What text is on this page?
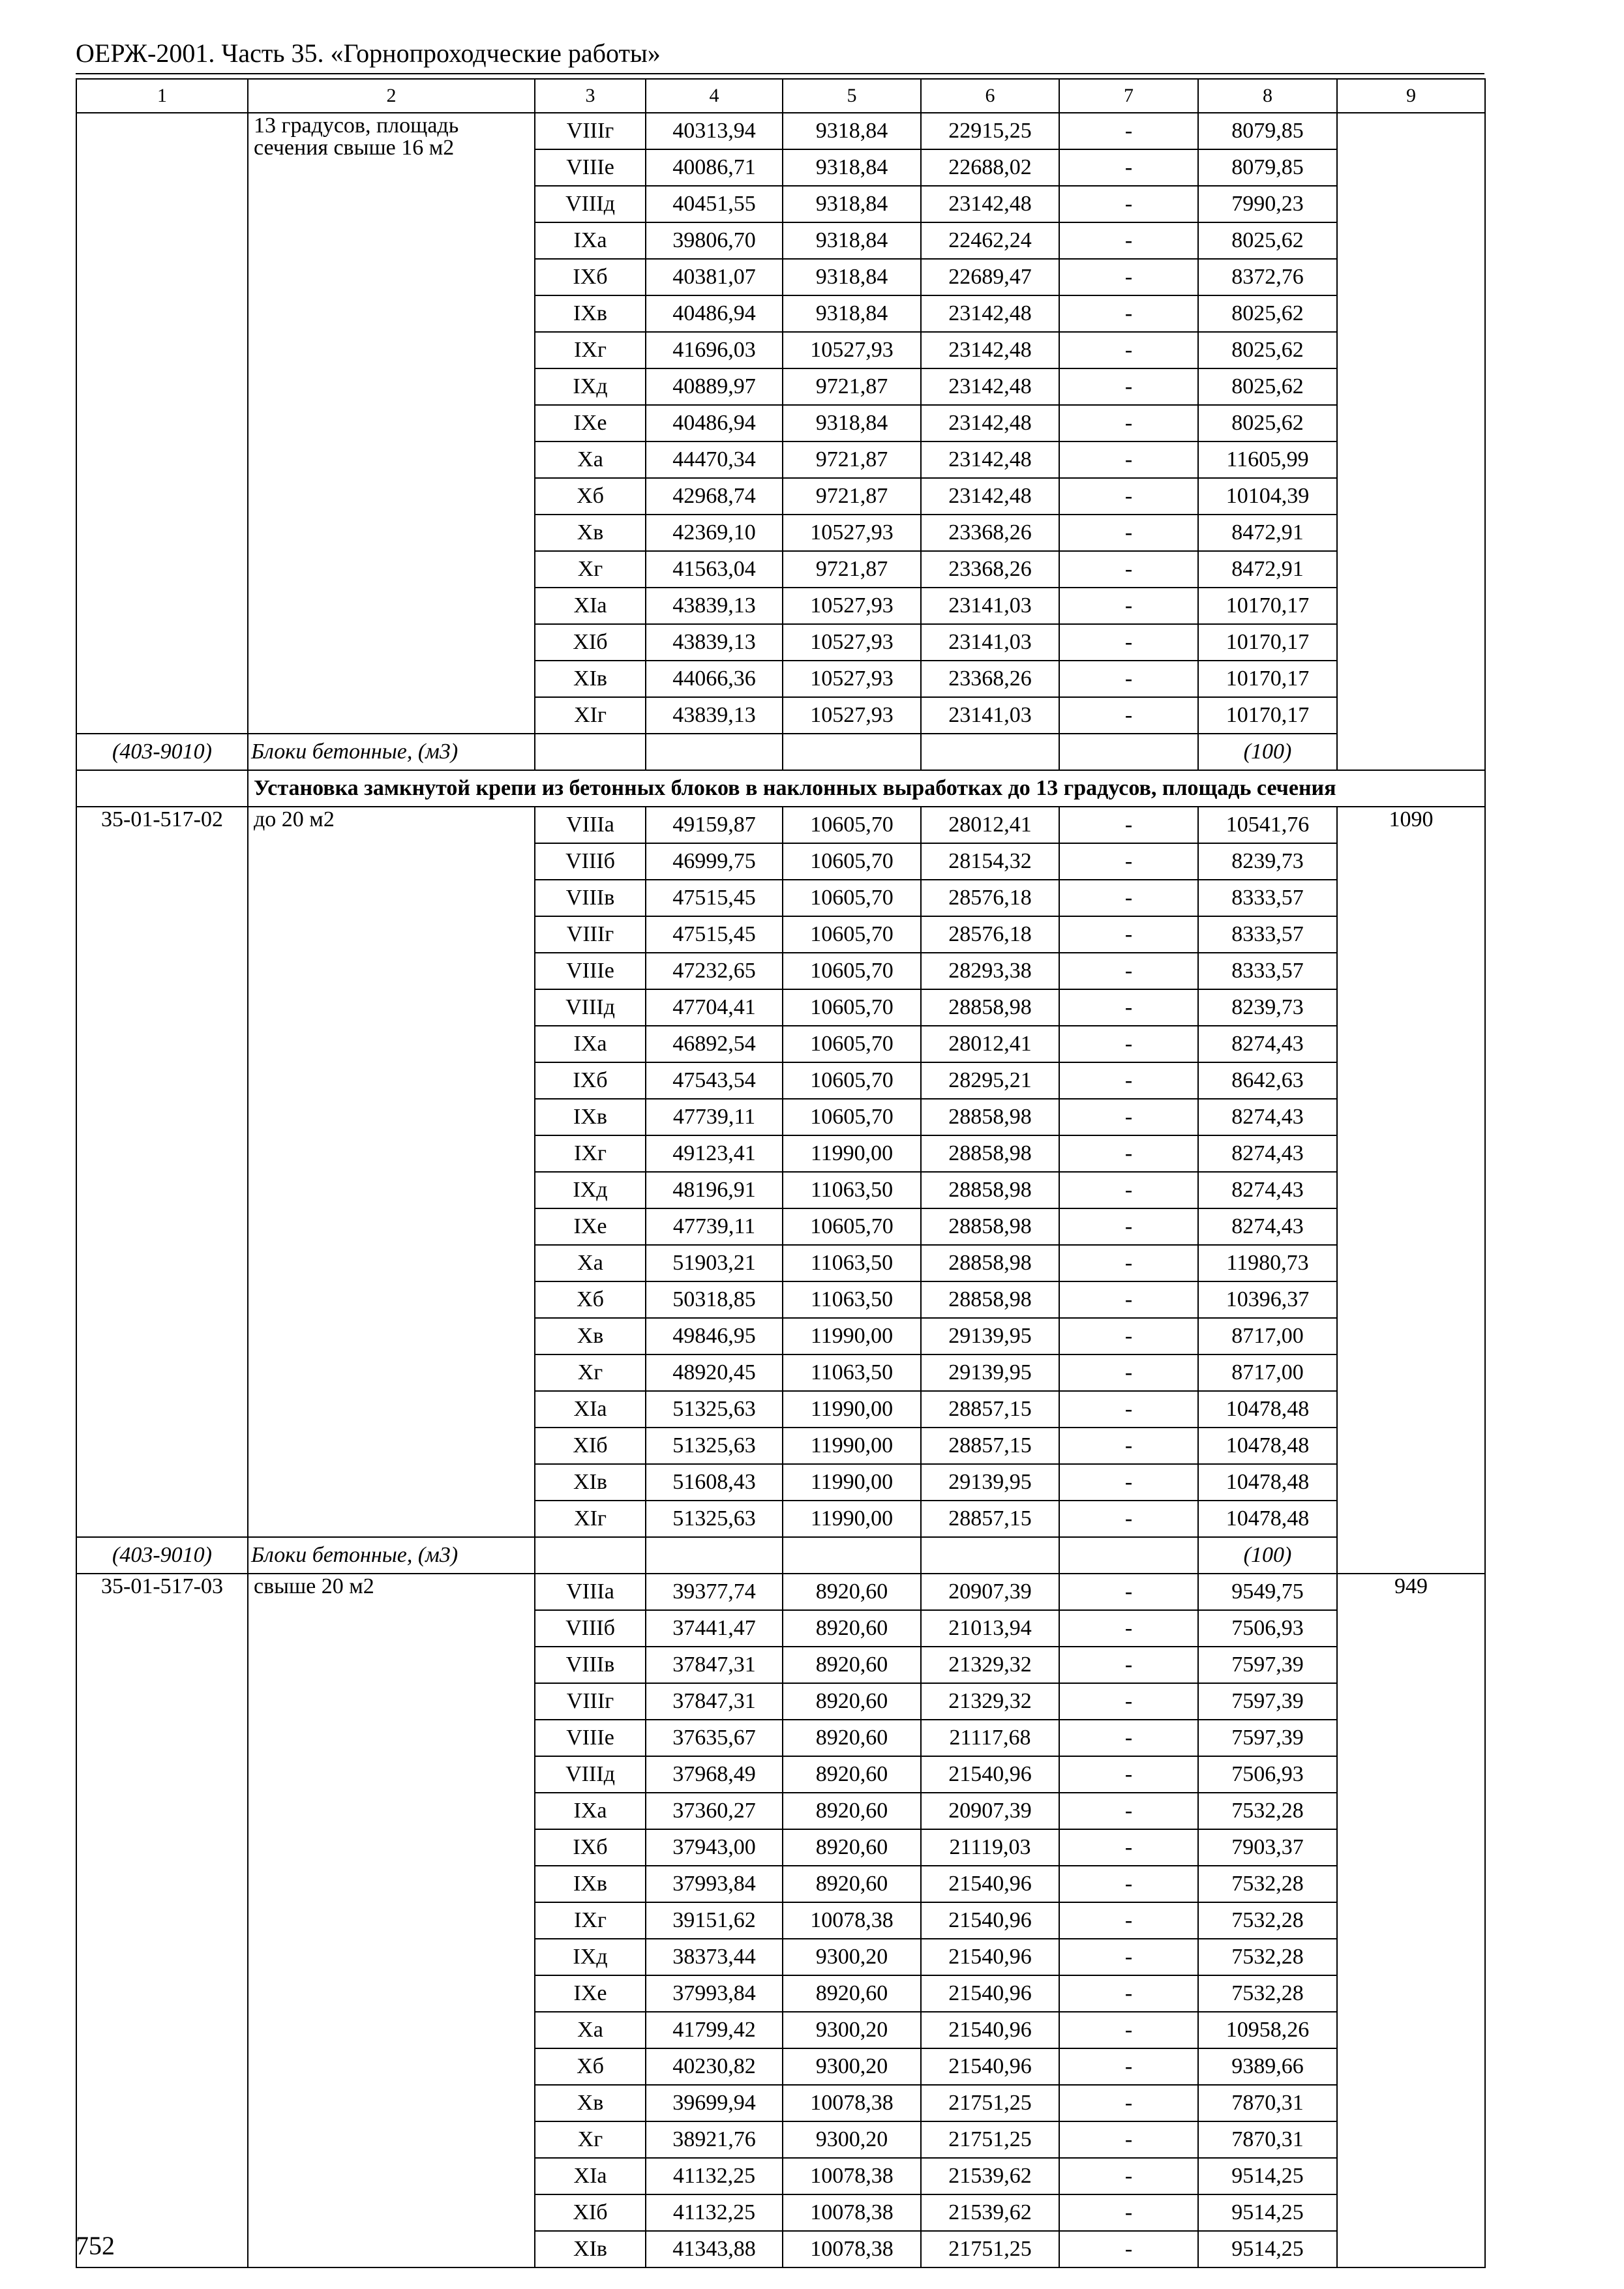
ОЕРЖ-2001. Часть 35. «Горнопроходческие работы»
1	2	3	4	5	6	7	8	9
	13 градусов, площадь сечения свыше 16 м2	VIIIг	40313,94	9318,84	22915,25	-	8079,85	
		VIIIе	40086,71	9318,84	22688,02	-	8079,85	
		VIIIд	40451,55	9318,84	23142,48	-	7990,23	
		IXа	39806,70	9318,84	22462,24	-	8025,62	
		IXб	40381,07	9318,84	22689,47	-	8372,76	
		IXв	40486,94	9318,84	23142,48	-	8025,62	
		IXг	41696,03	10527,93	23142,48	-	8025,62	
		IXд	40889,97	9721,87	23142,48	-	8025,62	
		IXе	40486,94	9318,84	23142,48	-	8025,62	
		Xа	44470,34	9721,87	23142,48	-	11605,99	
		Xб	42968,74	9721,87	23142,48	-	10104,39	
		Xв	42369,10	10527,93	23368,26	-	8472,91	
		Xг	41563,04	9721,87	23368,26	-	8472,91	
		XIа	43839,13	10527,93	23141,03	-	10170,17	
		XIб	43839,13	10527,93	23141,03	-	10170,17	
		XIв	44066,36	10527,93	23368,26	-	10170,17	
		XIг	43839,13	10527,93	23141,03	-	10170,17	
(403-9010)	Блоки бетонные, (м3)						(100)	
	Установка замкнутой крепи из бетонных блоков в наклонных выработках до 13 градусов, площадь сечения							
35-01-517-02	до 20 м2	VIIIа	49159,87	10605,70	28012,41	-	10541,76	1090
		VIIIб	46999,75	10605,70	28154,32	-	8239,73	
		VIIIв	47515,45	10605,70	28576,18	-	8333,57	
		VIIIг	47515,45	10605,70	28576,18	-	8333,57	
		VIIIе	47232,65	10605,70	28293,38	-	8333,57	
		VIIIд	47704,41	10605,70	28858,98	-	8239,73	
		IXа	46892,54	10605,70	28012,41	-	8274,43	
		IXб	47543,54	10605,70	28295,21	-	8642,63	
		IXв	47739,11	10605,70	28858,98	-	8274,43	
		IXг	49123,41	11990,00	28858,98	-	8274,43	
		IXд	48196,91	11063,50	28858,98	-	8274,43	
		IXе	47739,11	10605,70	28858,98	-	8274,43	
		Xа	51903,21	11063,50	28858,98	-	11980,73	
		Xб	50318,85	11063,50	28858,98	-	10396,37	
		Xв	49846,95	11990,00	29139,95	-	8717,00	
		Xг	48920,45	11063,50	29139,95	-	8717,00	
		XIа	51325,63	11990,00	28857,15	-	10478,48	
		XIб	51325,63	11990,00	28857,15	-	10478,48	
		XIв	51608,43	11990,00	29139,95	-	10478,48	
		XIг	51325,63	11990,00	28857,15	-	10478,48	
(403-9010)	Блоки бетонные, (м3)						(100)	
35-01-517-03	свыше 20 м2	VIIIа	39377,74	8920,60	20907,39	-	9549,75	949
		VIIIб	37441,47	8920,60	21013,94	-	7506,93	
		VIIIв	37847,31	8920,60	21329,32	-	7597,39	
		VIIIг	37847,31	8920,60	21329,32	-	7597,39	
		VIIIе	37635,67	8920,60	21117,68	-	7597,39	
		VIIIд	37968,49	8920,60	21540,96	-	7506,93	
		IXа	37360,27	8920,60	20907,39	-	7532,28	
		IXб	37943,00	8920,60	21119,03	-	7903,37	
		IXв	37993,84	8920,60	21540,96	-	7532,28	
		IXг	39151,62	10078,38	21540,96	-	7532,28	
		IXд	38373,44	9300,20	21540,96	-	7532,28	
		IXе	37993,84	8920,60	21540,96	-	7532,28	
		Xа	41799,42	9300,20	21540,96	-	10958,26	
		Xб	40230,82	9300,20	21540,96	-	9389,66	
		Xв	39699,94	10078,38	21751,25	-	7870,31	
		Xг	38921,76	9300,20	21751,25	-	7870,31	
		XIа	41132,25	10078,38	21539,62	-	9514,25	
		XIб	41132,25	10078,38	21539,62	-	9514,25	
		XIв	41343,88	10078,38	21751,25	-	9514,25	
752
